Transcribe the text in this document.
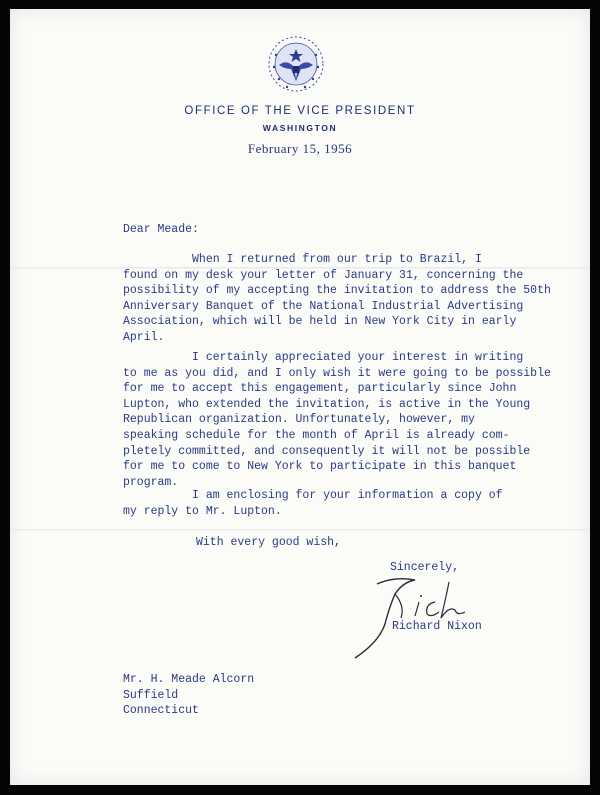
OFFICE OF THE VICE PRESIDENT
WASHINGTON
February 15, 1956

Dear Meade:

When I returned from our trip to Brazil, I
found on my desk your letter of January 31, concerning the
possibility of my accepting the invitation to address the 50th
Anniversary Banquet of the National Industrial Advertising
Association, which will be held in New York City in early
April.

I certainly appreciated your interest in writing
to me as you did, and I only wish it were going to be possible
for me to accept this engagement, particularly since John
Lupton, who extended the invitation, is active in the Young
Republican organization. Unfortunately, however, my
speaking schedule for the month of April is already com-
pletely committed, and consequently it will not be possible
for me to come to New York to participate in this banquet
program.

I am enclosing for your information a copy of
my reply to Mr. Lupton.

With every good wish,

Sincerely,

Richard Nixon

Mr. H. Meade Alcorn
Suffield
Connecticut
